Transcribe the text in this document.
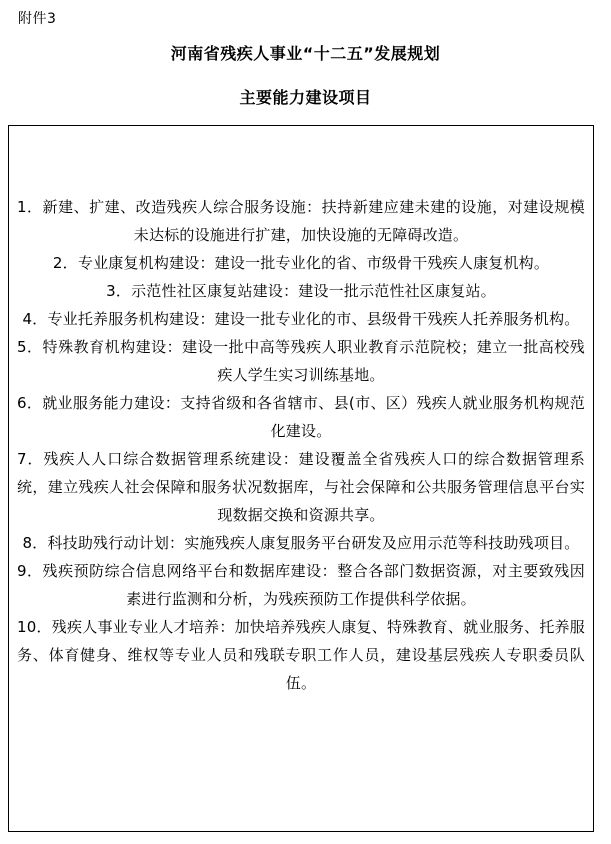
附件3
河南省残疾人事业“十二五”发展规划
主要能力建设项目

1．新建、扩建、改造残疾人综合服务设施：扶持新建应建未建的设施，对建设规模未达标的设施进行扩建，加快设施的无障碍改造。

2．专业康复机构建设：建设一批专业化的省、市级骨干残疾人康复机构。

3．示范性社区康复站建设：建设一批示范性社区康复站。

4．专业托养服务机构建设：建设一批专业化的市、县级骨干残疾人托养服务机构。

5．特殊教育机构建设：建设一批中高等残疾人职业教育示范院校；建立一批高校残疾人学生实习训练基地。

6．就业服务能力建设：支持省级和各省辖市、县(市、区）残疾人就业服务机构规范化建设。

7．残疾人人口综合数据管理系统建设：建设覆盖全省残疾人口的综合数据管理系统，建立残疾人社会保障和服务状况数据库，与社会保障和公共服务管理信息平台实现数据交换和资源共享。

8．科技助残行动计划：实施残疾人康复服务平台研发及应用示范等科技助残项目。

9．残疾预防综合信息网络平台和数据库建设：整合各部门数据资源，对主要致残因素进行监测和分析，为残疾预防工作提供科学依据。

10．残疾人事业专业人才培养：加快培养残疾人康复、特殊教育、就业服务、托养服务、体育健身、维权等专业人员和残联专职工作人员，建设基层残疾人专职委员队伍。
